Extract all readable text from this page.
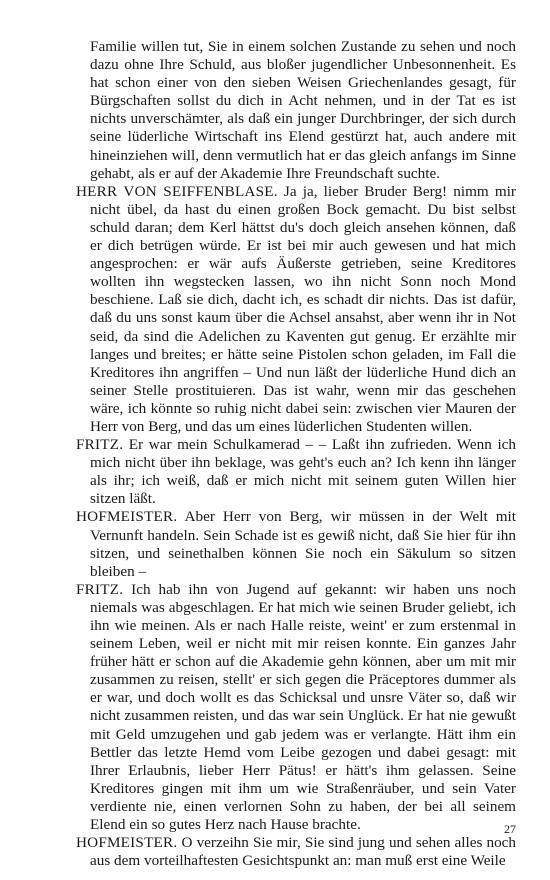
Familie willen tut, Sie in einem solchen Zustande zu sehen und noch dazu ohne Ihre Schuld, aus bloßer jugendlicher Unbesonnenheit. Es hat schon einer von den sieben Weisen Griechenlandes gesagt, für Bürgschaften sollst du dich in Acht nehmen, und in der Tat es ist nichts unverschämter, als daß ein junger Durchbringer, der sich durch seine lüderliche Wirtschaft ins Elend gestürzt hat, auch andere mit hineinziehen will, denn vermutlich hat er das gleich anfangs im Sinne gehabt, als er auf der Akademie Ihre Freundschaft suchte.

HERR VON SEIFFENBLASE. Ja ja, lieber Bruder Berg! nimm mir nicht übel, da hast du einen großen Bock gemacht. Du bist selbst schuld daran; dem Kerl hättst du's doch gleich ansehen können, daß er dich betrügen würde. Er ist bei mir auch gewesen und hat mich angesprochen: er wär aufs Äußerste getrieben, seine Kreditores wollten ihn wegstecken lassen, wo ihn nicht Sonn noch Mond beschiene. Laß sie dich, dacht ich, es schadt dir nichts. Das ist dafür, daß du uns sonst kaum über die Achsel ansahst, aber wenn ihr in Not seid, da sind die Adelichen zu Kaventen gut genug. Er erzählte mir langes und breites; er hätte seine Pistolen schon geladen, im Fall die Kreditores ihn angriffen – Und nun läßt der lüderliche Hund dich an seiner Stelle prostituieren. Das ist wahr, wenn mir das geschehen wäre, ich könnte so ruhig nicht dabei sein: zwischen vier Mauren der Herr von Berg, und das um eines lüderlichen Studenten willen.

FRITZ. Er war mein Schulkamerad – – Laßt ihn zufrieden. Wenn ich mich nicht über ihn beklage, was geht's euch an? Ich kenn ihn länger als ihr; ich weiß, daß er mich nicht mit seinem guten Willen hier sitzen läßt.

HOFMEISTER. Aber Herr von Berg, wir müssen in der Welt mit Vernunft handeln. Sein Schade ist es gewiß nicht, daß Sie hier für ihn sitzen, und seinethalben können Sie noch ein Säkulum so sitzen bleiben –

FRITZ. Ich hab ihn von Jugend auf gekannt: wir haben uns noch niemals was abgeschlagen. Er hat mich wie seinen Bruder geliebt, ich ihn wie meinen. Als er nach Halle reiste, weint' er zum erstenmal in seinem Leben, weil er nicht mit mir reisen konnte. Ein ganzes Jahr früher hätt er schon auf die Akademie gehn können, aber um mit mir zusammen zu reisen, stellt' er sich gegen die Präceptores dummer als er war, und doch wollt es das Schicksal und unsre Väter so, daß wir nicht zusammen reisten, und das war sein Unglück. Er hat nie gewußt mit Geld umzugehen und gab jedem was er verlangte. Hätt ihm ein Bettler das letzte Hemd vom Leibe gezogen und dabei gesagt: mit Ihrer Erlaubnis, lieber Herr Pätus! er hätt's ihm gelassen. Seine Kreditores gingen mit ihm um wie Straßenräuber, und sein Vater verdiente nie, einen verlornen Sohn zu haben, der bei all seinem Elend ein so gutes Herz nach Hause brachte.

HOFMEISTER. O verzeihn Sie mir, Sie sind jung und sehen alles noch aus dem vorteilhaftesten Gesichtspunkt an: man muß erst eine Weile

27
